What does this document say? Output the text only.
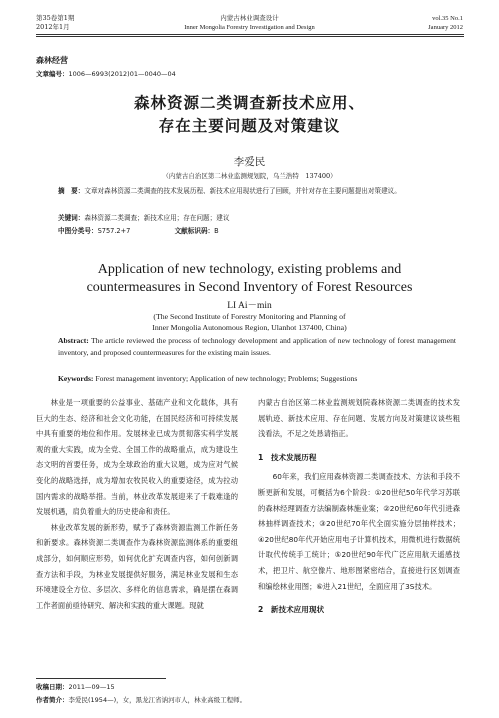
第35卷第1期
2012年1月
内蒙古林业调查设计
Inner Mongolia Forestry Investigation and Design
vol.35 No.1
January 2012
森林经营
文章编号：1006—6993(2012)01—0040—04
森林资源二类调查新技术应用、
存在主要问题及对策建议
李爱民
（内蒙古自治区第二林业监测规划院，乌兰浩特　137400）
摘　要：文章对森林资源二类调查的技术发展历程、新技术应用现状进行了回顾，并针对存在主要问题提出对策建议。
关键词：森林资源二类调查；新技术应用；存在问题；建议
中图分类号：S757.2+7	文献标识码：B
Application of new technology, existing problems and
countermeasures in Second Inventory of Forest Resources
LI Ai－min
(The Second Institute of Forestry Monitoring and Planning of
Inner Mongolia Autonomous Region, Ulanhot 137400, China)
Abstract: The article reviewed the process of technology development and application of new technology of forest management inventory, and proposed countermeasures for the existing main issues.
Keywords: Forest management inventory; Application of new technology; Problems; Suggestions

林业是一项重要的公益事业、基础产业和文化载体，具有巨大的生态、经济和社会文化功能，在国民经济和可持续发展中具有重要的地位和作用。发展林业已成为贯彻落实科学发展观的重大实践，成为全党、全国工作的战略重点，成为建设生态文明的首要任务，成为全球政治的重大议题，成为应对气候变化的战略选择，成为增加农牧民收入的重要途径，成为拉动国内需求的战略举措。当前，林业改革发展迎来了千载难逢的发展机遇，肩负着重大的历史使命和责任。

林业改革发展的新形势，赋予了森林资源监测工作新任务和新要求。森林资源二类调查作为森林资源监测体系的重要组成部分，如何顺应形势，如何优化扩充调查内容，如何创新调查方法和手段，为林业发展提供好服务，满足林业发展和生态环境建设全方位、多层次、多样化的信息需求，确是摆在森调工作者面前亟待研究、解决和实践的重大课题。现就

内蒙古自治区第二林业监测规划院森林资源二类调查的技术发展轨迹、新技术应用、存在问题、发展方向及对策建议谈些粗浅看法，不足之处恳请指正。

1　技术发展历程

60年来，我们应用森林资源二类调查技术、方法和手段不断更新和发展，可概括为6个阶段：①20世纪50年代学习苏联的森林经理调查方法编制森林施业案；②20世纪60年代引进森林抽样调查技术；③20世纪70年代全面实施分层抽样技术；④20世纪80年代开始应用电子计算机技术，用微机进行数据统计取代传统手工统计；⑤20世纪90年代广泛应用航天遥感技术，把卫片、航空像片、地形图紧密结合，直接进行区划调查和编绘林业用图；⑥进入21世纪，全面应用了3S技术。

2　新技术应用现状

收稿日期：2011—09—15
作者简介：李爱民(1954—)，女，黑龙江省讷河市人，林业高级工程师。
